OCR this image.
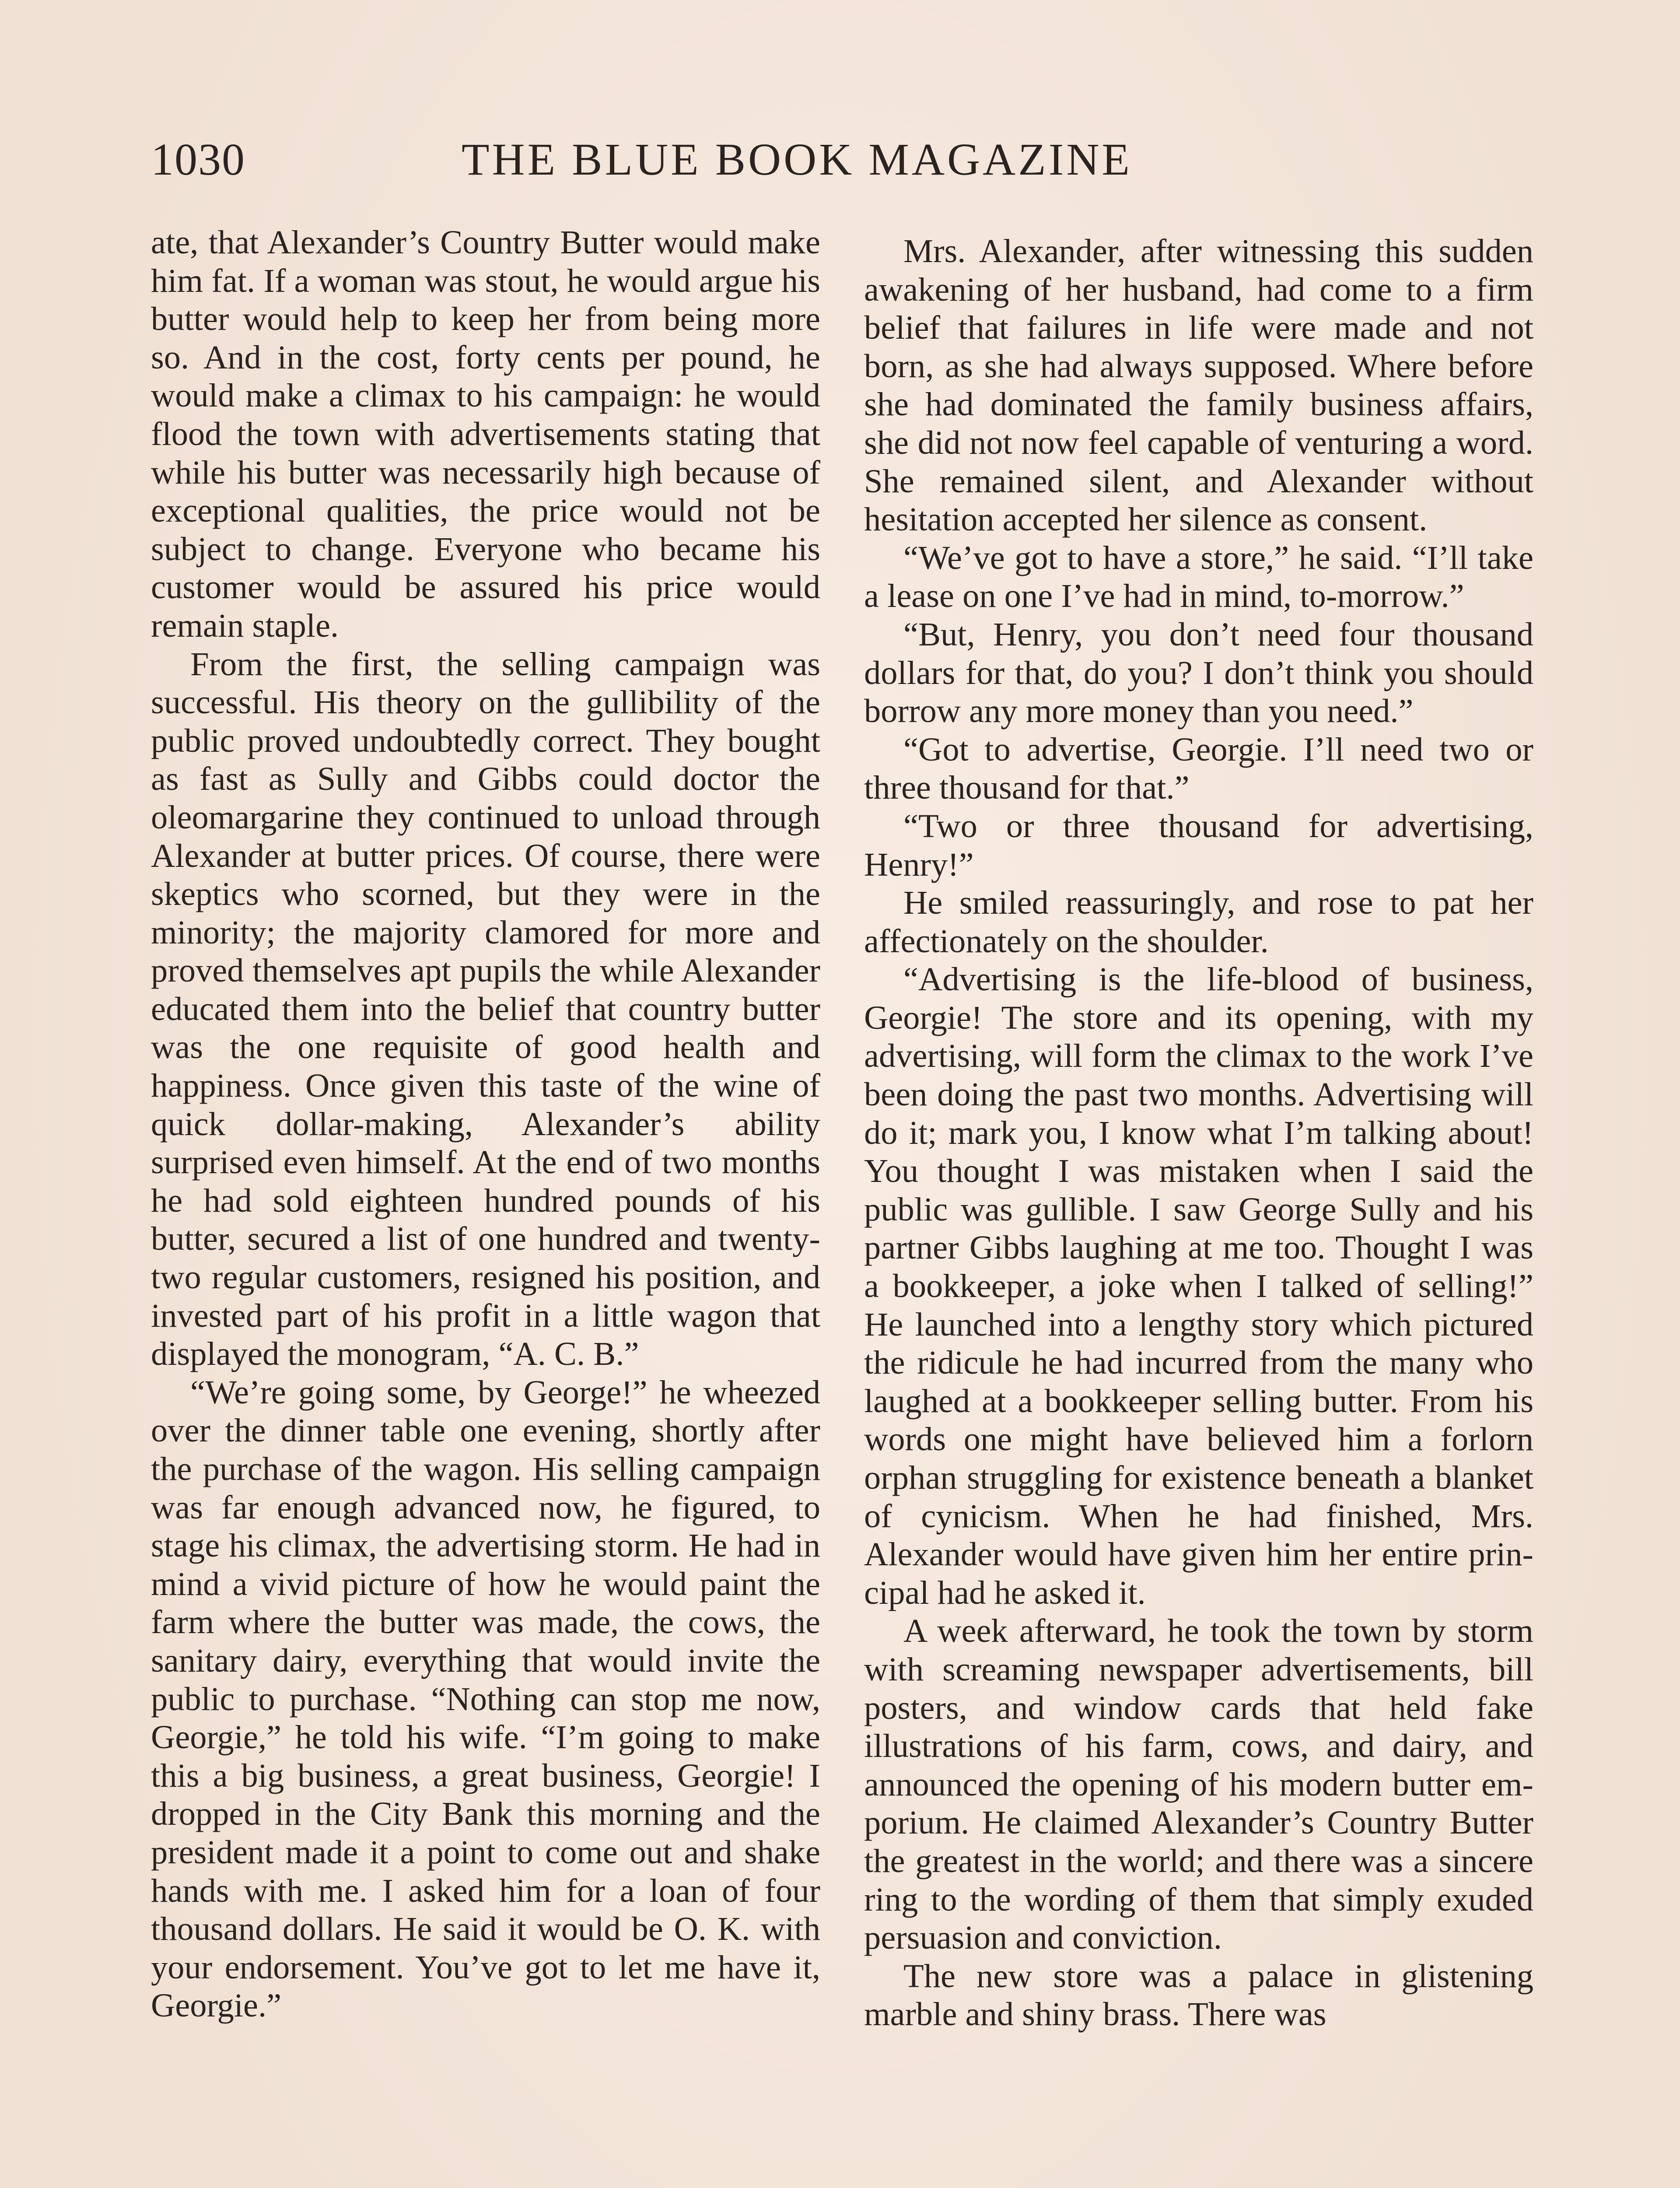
1030	THE BLUE BOOK MAGAZINE

ate, that Alexander’s Country Butter would make him fat. If a woman was stout, he would argue his butter would help to keep her from being more so. And in the cost, forty cents per pound, he would make a climax to his campaign: he would flood the town with advertisements stating that while his butter was necessarily high because of exceptional qualities, the price would not be subject to change. Everyone who became his customer would be assured his price would remain staple.

From the first, the selling campaign was successful. His theory on the gullibility of the public proved undoubtedly correct. They bought as fast as Sully and Gibbs could doctor the oleomargarine they continued to unload through Alexander at butter prices. Of course, there were skeptics who scorned, but they were in the minority; the majority clamored for more and proved themselves apt pupils the while Alexander educated them into the belief that country butter was the one requisite of good health and happiness. Once given this taste of the wine of quick dollar-making, Alexander’s ability surprised even himself. At the end of two months he had sold eighteen hundred pounds of his butter, secured a list of one hundred and twenty-two regular customers, resigned his position, and invested part of his profit in a little wagon that displayed the monogram, “A. C. B.”

“We’re going some, by George!” he wheezed over the dinner table one evening, shortly after the purchase of the wagon. His selling campaign was far enough advanced now, he figured, to stage his climax, the advertising storm. He had in mind a vivid picture of how he would paint the farm where the butter was made, the cows, the sanitary dairy, everything that would invite the public to purchase. “Nothing can stop me now, Georgie,” he told his wife. “I’m going to make this a big business, a great business, Georgie! I dropped in the City Bank this morning and the president made it a point to come out and shake hands with me. I asked him for a loan of four thousand dollars. He said it would be O. K. with your endorsement. You’ve got to let me have it, Georgie.”

Mrs. Alexander, after witnessing this sudden awakening of her husband, had come to a firm belief that failures in life were made and not born, as she had always supposed. Where before she had dominated the family business affairs, she did not now feel capable of venturing a word. She remained silent, and Alexander without hesitation accepted her silence as consent.

“We’ve got to have a store,” he said. “I’ll take a lease on one I’ve had in mind, to-morrow.”

“But, Henry, you don’t need four thousand dollars for that, do you? I don’t think you should borrow any more money than you need.”

“Got to advertise, Georgie. I’ll need two or three thousand for that.”

“Two or three thousand for advertising, Henry!”

He smiled reassuringly, and rose to pat her affectionately on the shoulder.

“Advertising is the life-blood of business, Georgie! The store and its opening, with my advertising, will form the climax to the work I’ve been doing the past two months. Advertising will do it; mark you, I know what I’m talking about! You thought I was mistaken when I said the public was gullible. I saw George Sully and his partner Gibbs laughing at me too. Thought I was a bookkeeper, a joke when I talked of selling!” He launched into a lengthy story which pictured the ridicule he had incurred from the many who laughed at a bookkeeper selling butter. From his words one might have believed him a forlorn orphan struggling for existence beneath a blanket of cynicism. When he had finished, Mrs. Alexander would have given him her entire principal had he asked it.

A week afterward, he took the town by storm with screaming newspaper advertisements, bill posters, and window cards that held fake illustrations of his farm, cows, and dairy, and announced the opening of his modern butter emporium. He claimed Alexander’s Country Butter the greatest in the world; and there was a sincere ring to the wording of them that simply exuded persuasion and conviction.

The new store was a palace in glistening marble and shiny brass. There was
